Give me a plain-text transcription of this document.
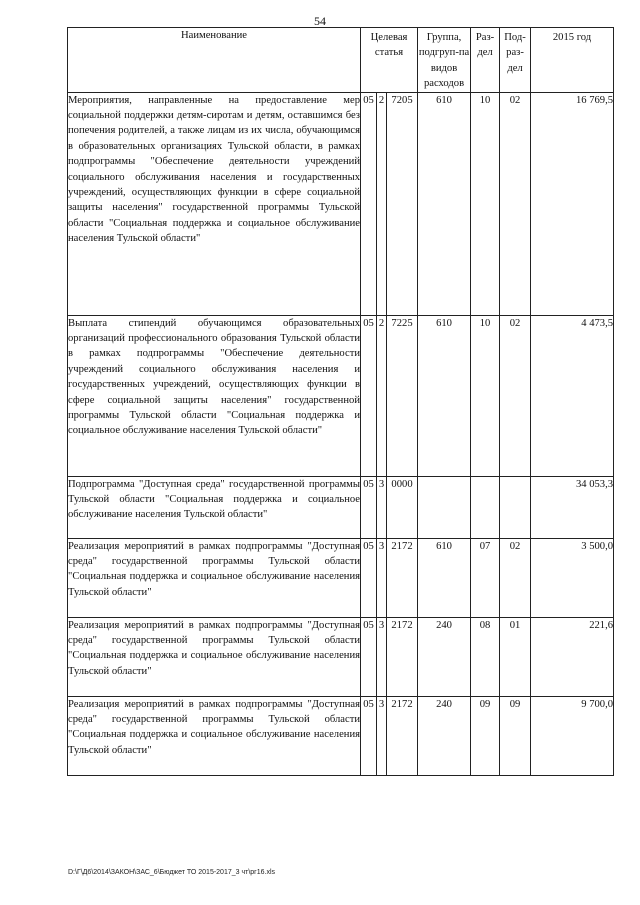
54
Наименование	Целевая статья			Группа, подгруп-па видов расходов	Раз-дел	Под-раз-дел	2015 год
Мероприятия, направленные на предоставление мер социальной поддержки детям-сиротам и детям, оставшимся без попечения родителей, а также лицам из их числа, обучающимся в образовательных организациях Тульской области, в рамках подпрограммы "Обеспечение деятельности учреждений социального обслуживания населения и государственных учреждений, осуществляющих функции в сфере социальной защиты населения" государственной программы Тульской области "Социальная поддержка и социальное обслуживание населения Тульской области"	05	2	7205	610	10	02	16 769,5
Выплата стипендий обучающимся образовательных организаций профессионального образования Тульской области в рамках подпрограммы "Обеспечение деятельности учреждений социального обслуживания населения и государственных учреждений, осуществляющих функции в сфере социальной защиты населения" государственной программы Тульской области "Социальная поддержка и социальное обслуживание населения Тульской области"	05	2	7225	610	10	02	4 473,5
Подпрограмма "Доступная среда" государственной программы Тульской области "Социальная поддержка и социальное обслуживание населения Тульской области"	05	3	0000				34 053,3
Реализация мероприятий в рамках подпрограммы "Доступная среда" государственной программы Тульской области "Социальная поддержка и социальное обслуживание населения Тульской области"	05	3	2172	610	07	02	3 500,0
Реализация мероприятий в рамках подпрограммы "Доступная среда" государственной программы Тульской области "Социальная поддержка и социальное обслуживание населения Тульской области"	05	3	2172	240	08	01	221,6
Реализация мероприятий в рамках подпрограммы "Доступная среда" государственной программы Тульской области "Социальная поддержка и социальное обслуживание населения Тульской области"	05	3	2172	240	09	09	9 700,0
D:\Г\Д6\2014\ЗАКОН\ЗАС_6\Бюджет ТО 2015-2017_3 чт\рг16.xls
